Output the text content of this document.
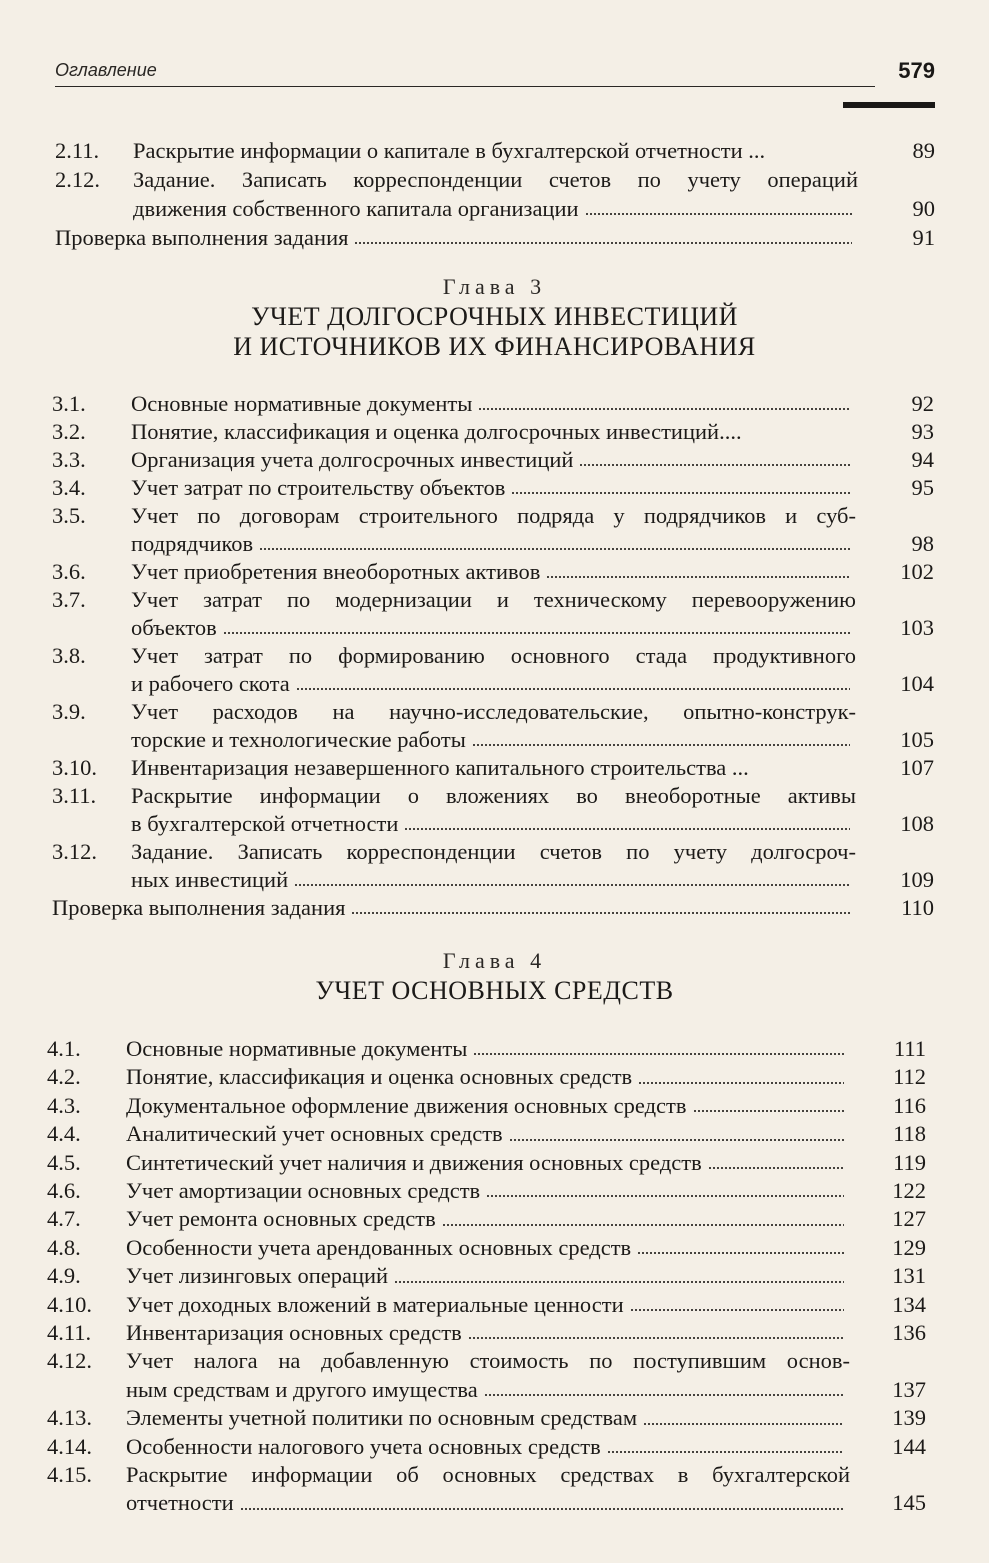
Оглавление	579
2.11. Раскрытие информации о капитале в бухгалтерской отчетности ...	89
2.12. Задание. Записать корреспонденции счетов по учету операций
движения собственного капитала организации	90
Проверка выполнения задания	91
Глава 3
УЧЕТ ДОЛГОСРОЧНЫХ ИНВЕСТИЦИЙ
И ИСТОЧНИКОВ ИХ ФИНАНСИРОВАНИЯ
3.1. Основные нормативные документы	92
3.2. Понятие, классификация и оценка долгосрочных инвестиций....	93
3.3. Организация учета долгосрочных инвестиций	94
3.4. Учет затрат по строительству объектов	95
3.5. Учет по договорам строительного подряда у подрядчиков и суб-
подрядчиков	98
3.6. Учет приобретения внеоборотных активов	102
3.7. Учет затрат по модернизации и техническому перевооружению
объектов	103
3.8. Учет затрат по формированию основного стада продуктивного
и рабочего скота	104
3.9. Учет расходов на научно-исследовательские, опытно-конструк-
торские и технологические работы	105
3.10. Инвентаризация незавершенного капитального строительства ...	107
3.11. Раскрытие информации о вложениях во внеоборотные активы
в бухгалтерской отчетности	108
3.12. Задание. Записать корреспонденции счетов по учету долгосроч-
ных инвестиций	109
Проверка выполнения задания	110
Глава 4
УЧЕТ ОСНОВНЫХ СРЕДСТВ
4.1. Основные нормативные документы	111
4.2. Понятие, классификация и оценка основных средств	112
4.3. Документальное оформление движения основных средств	116
4.4. Аналитический учет основных средств	118
4.5. Синтетический учет наличия и движения основных средств	119
4.6. Учет амортизации основных средств	122
4.7. Учет ремонта основных средств	127
4.8. Особенности учета арендованных основных средств	129
4.9. Учет лизинговых операций	131
4.10. Учет доходных вложений в материальные ценности	134
4.11. Инвентаризация основных средств	136
4.12. Учет налога на добавленную стоимость по поступившим основ-
ным средствам и другого имущества	137
4.13. Элементы учетной политики по основным средствам	139
4.14. Особенности налогового учета основных средств	144
4.15. Раскрытие информации об основных средствах в бухгалтерской
отчетности	145
